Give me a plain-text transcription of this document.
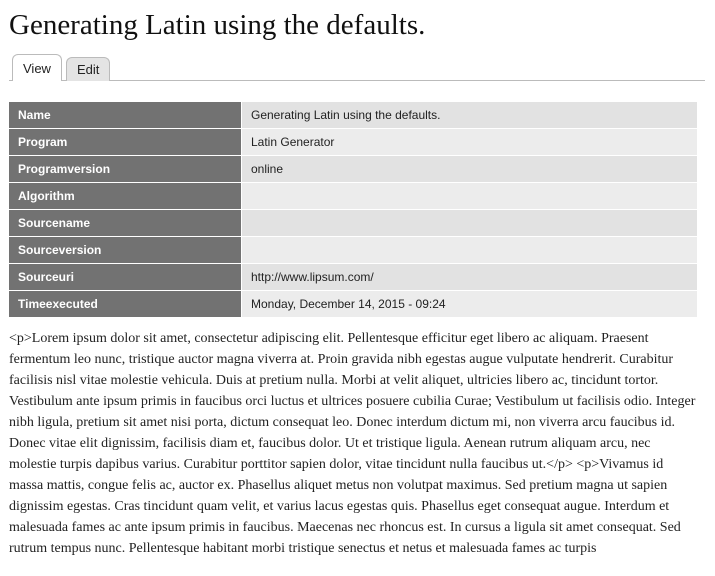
Generating Latin using the defaults.
View Edit
Name	Generating Latin using the defaults.
Program	Latin Generator
Programversion	online
Algorithm	
Sourcename	
Sourceversion	
Sourceuri	http://www.lipsum.com/
Timeexecuted	Monday, December 14, 2015 - 09:24
<p>Lorem ipsum dolor sit amet, consectetur adipiscing elit. Pellentesque efficitur eget libero ac aliquam. Praesent fermentum leo nunc, tristique auctor magna viverra at. Proin gravida nibh egestas augue vulputate hendrerit. Curabitur facilisis nisl vitae molestie vehicula. Duis at pretium nulla. Morbi at velit aliquet, ultricies libero ac, tincidunt tortor. Vestibulum ante ipsum primis in faucibus orci luctus et ultrices posuere cubilia Curae; Vestibulum ut facilisis odio. Integer nibh ligula, pretium sit amet nisi porta, dictum consequat leo. Donec interdum dictum mi, non viverra arcu faucibus id. Donec vitae elit dignissim, facilisis diam et, faucibus dolor. Ut et tristique ligula. Aenean rutrum aliquam arcu, nec molestie turpis dapibus varius. Curabitur porttitor sapien dolor, vitae tincidunt nulla faucibus ut.</p> <p>Vivamus id massa mattis, congue felis ac, auctor ex. Phasellus aliquet metus non volutpat maximus. Sed pretium magna ut sapien dignissim egestas. Cras tincidunt quam velit, et varius lacus egestas quis. Phasellus eget consequat augue. Interdum et malesuada fames ac ante ipsum primis in faucibus. Maecenas nec rhoncus est. In cursus a ligula sit amet consequat. Sed rutrum tempus nunc. Pellentesque habitant morbi tristique senectus et netus et malesuada fames ac turpis
